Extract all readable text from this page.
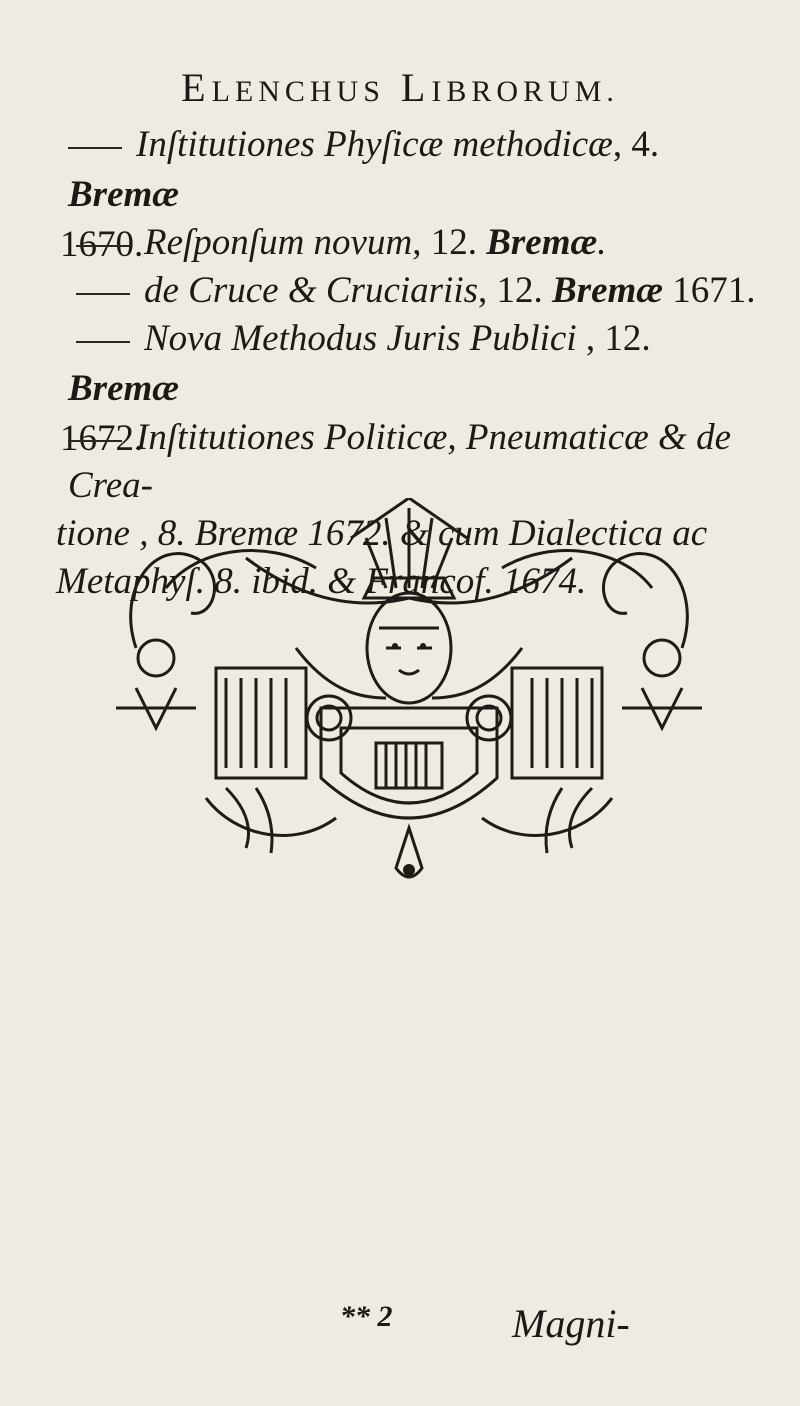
ELENCHUS LIBRORUM.
Inſtitutiones Phyſicæ methodicæ, 4. Bremæ
1670. Reſponſum novum, 12. Bremæ.
de Cruce & Cruciariis, 12. Bremæ 1671.
Nova Methodus Juris Publici , 12. Bremæ
1672.
Inſtitutiones Politicæ, Pneumaticæ & de Crea-
tione , 8. Bremæ 1672. & cum Dialectica ac
Metaphyſ. 8. ibid. & Francof. 1674.
** 2	Magni-
